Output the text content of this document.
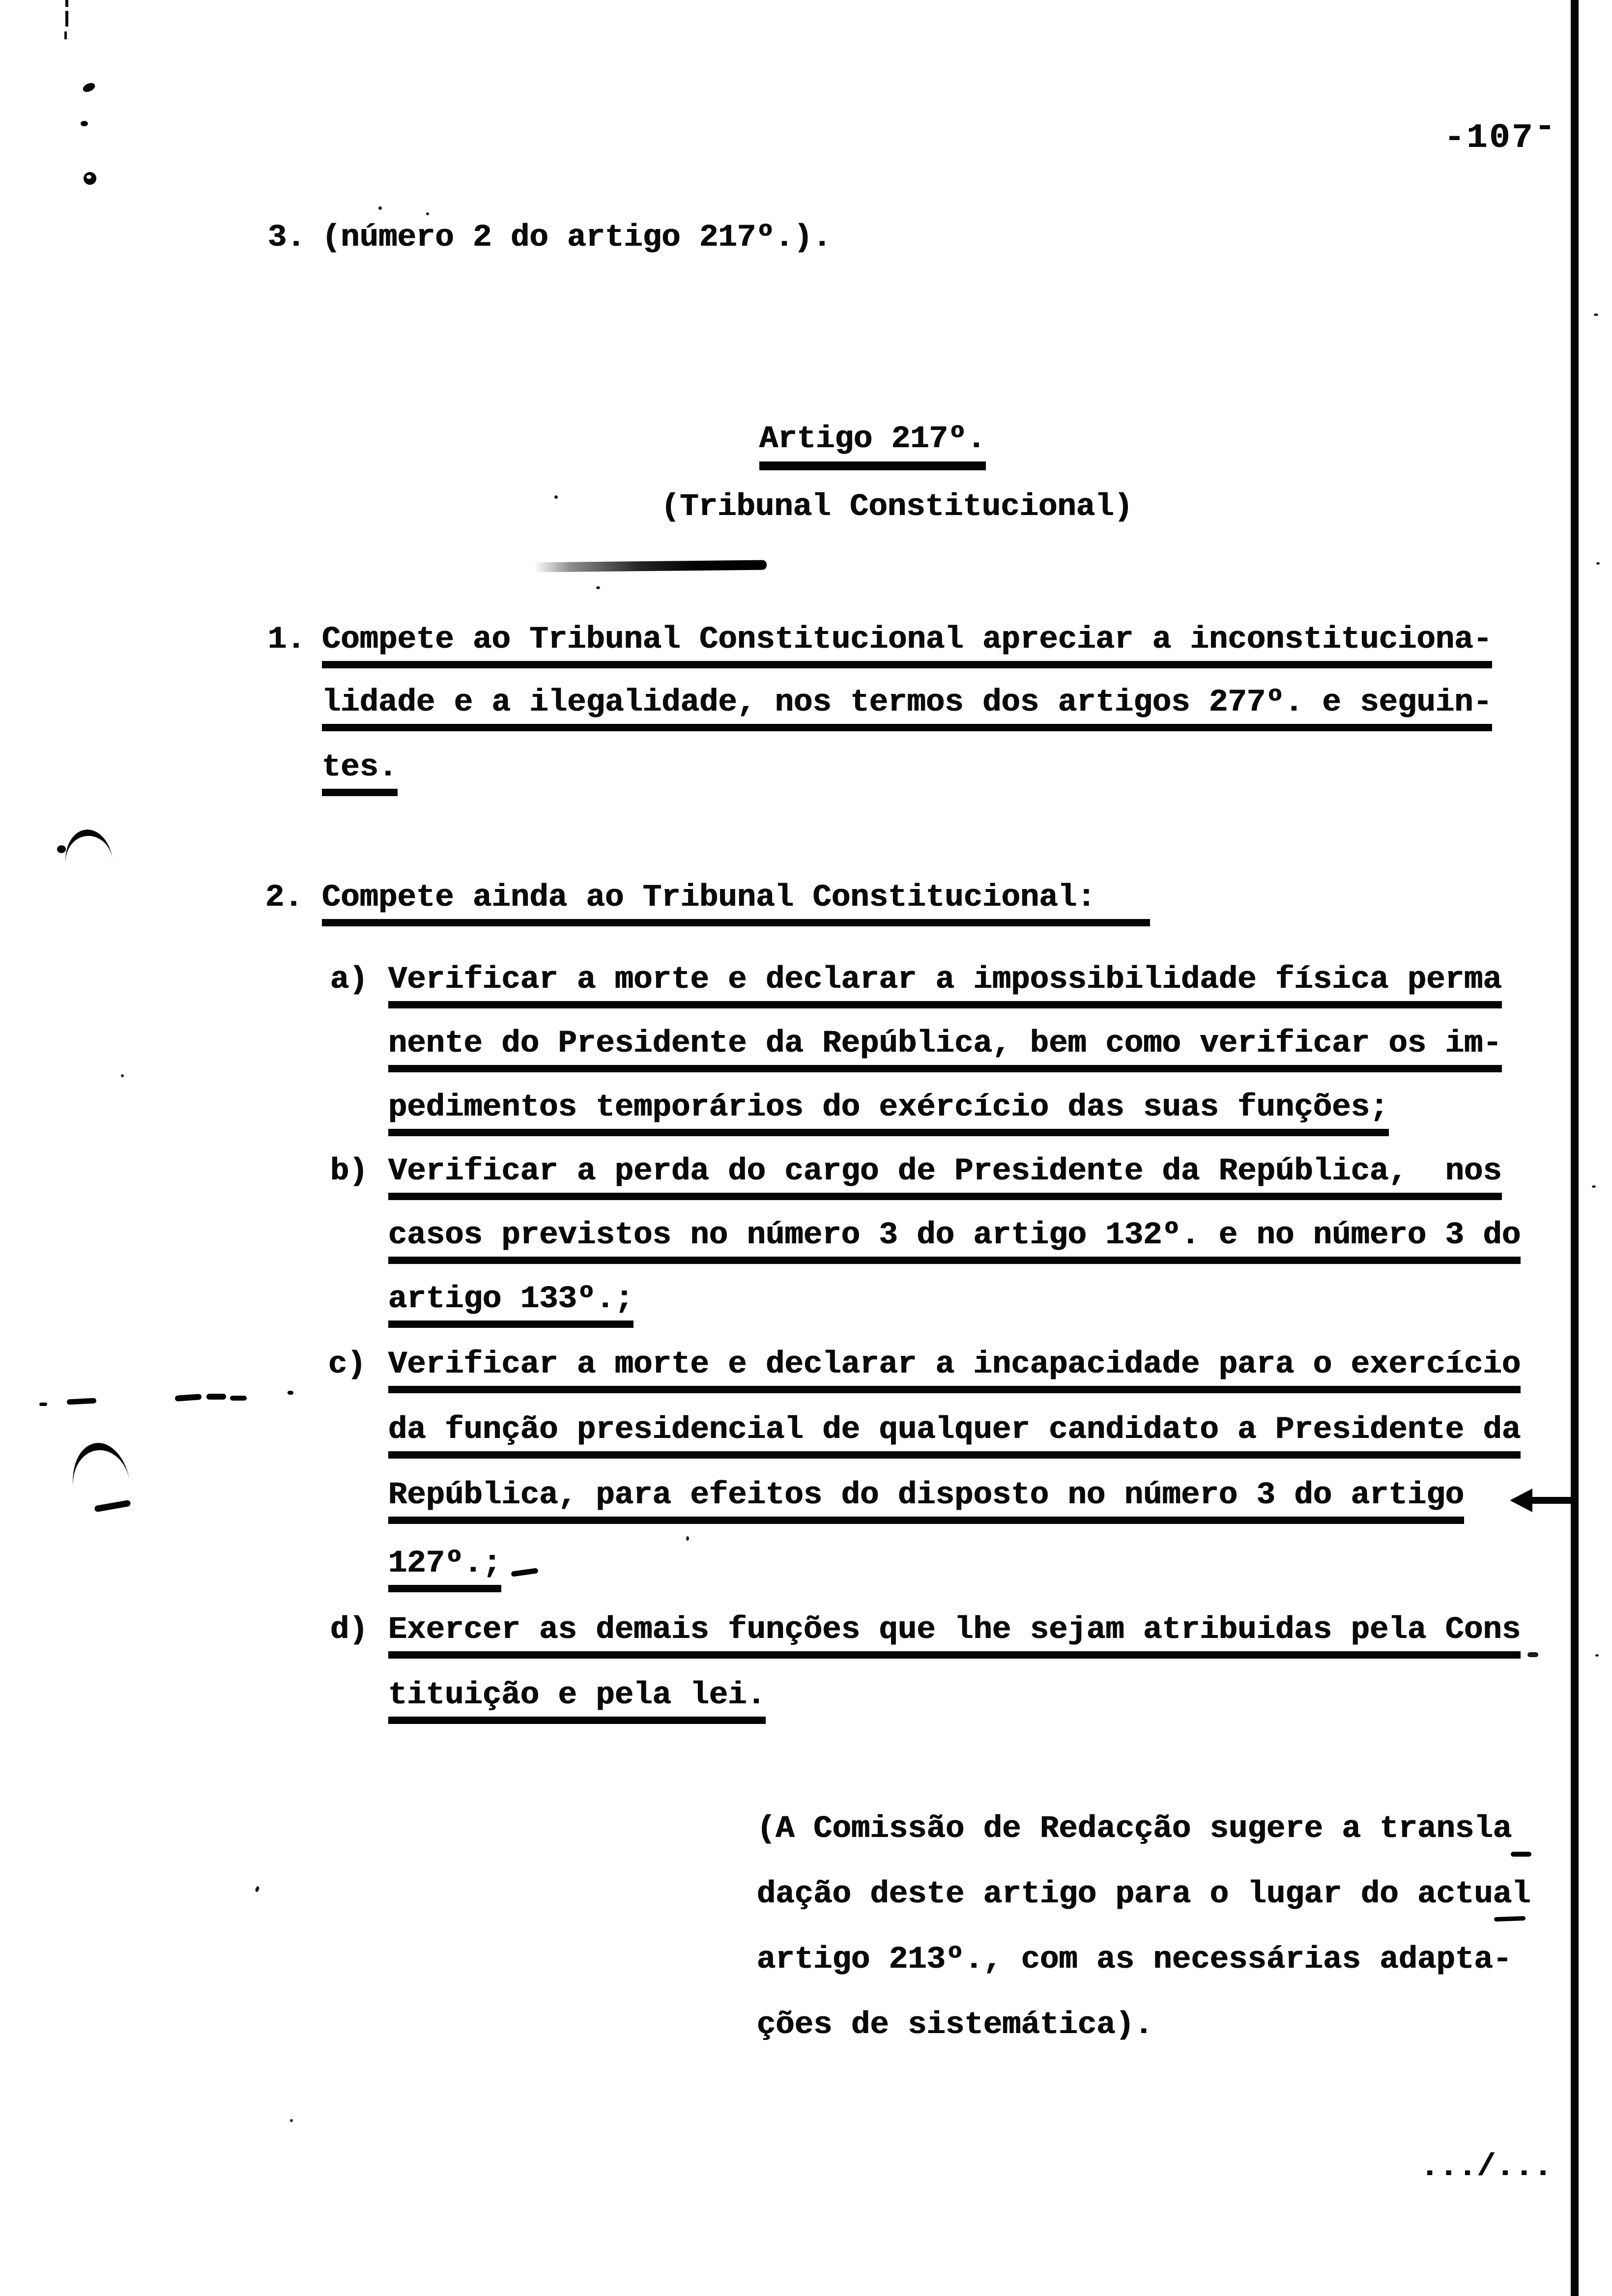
-107-
3. (número 2 do artigo 217º.).
Artigo 217º.
(Tribunal Constitucional)
1. Compete ao Tribunal Constitucional apreciar a inconstituciona-
lidade e a ilegalidade, nos termos dos artigos 277º. e seguin-
tes.
2. Compete ainda ao Tribunal Constitucional:
a) Verificar a morte e declarar a impossibilidade física perma
nente do Presidente da República, bem como verificar os im-
pedimentos temporários do exércício das suas funções;
b) Verificar a perda do cargo de Presidente da República,  nos
casos previstos no número 3 do artigo 132º. e no número 3 do
artigo 133º.;
c) Verificar a morte e declarar a incapacidade para o exercício
da função presidencial de qualquer candidato a Presidente da
República, para efeitos do disposto no número 3 do artigo
127º.;
d) Exercer as demais funções que lhe sejam atribuidas pela Cons
tituição e pela lei.
(A Comissão de Redacção sugere a transla
dação deste artigo para o lugar do actual
artigo 213º., com as necessárias adapta-
ções de sistemática).
.../...
